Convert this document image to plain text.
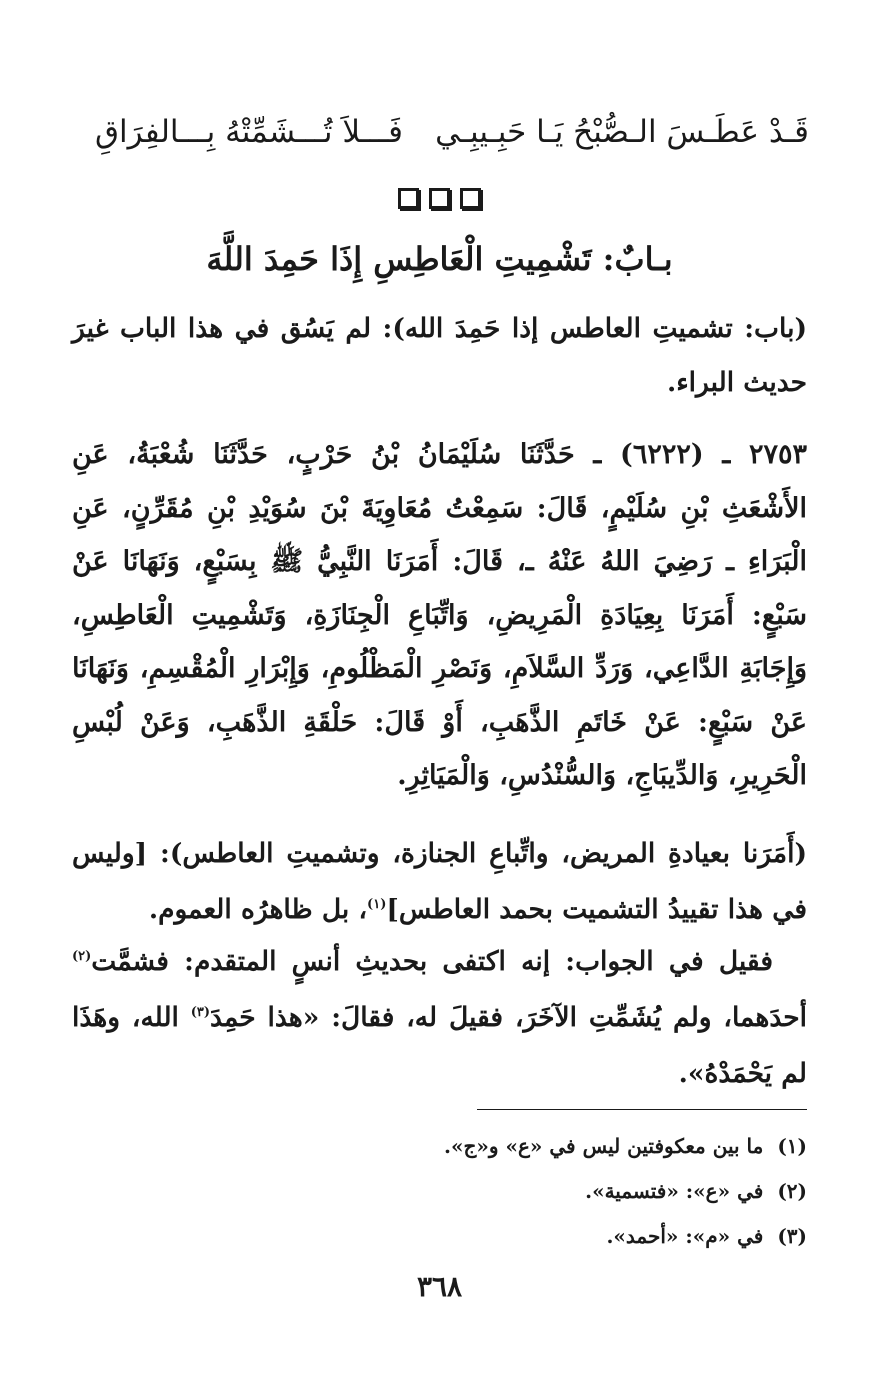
قَـدْ عَطَـسَ الـصُّبْحُ يَـا حَبِـيبِـي
فَـــلاَ تُـــشَمِّتْهُ بِـــالفِرَاقِ
بـابٌ: تَشْمِيتِ الْعَاطِسِ إِذَا حَمِدَ اللَّهَ

(باب: تشميتِ العاطس إذا حَمِدَ الله): لم يَسُق في هذا الباب غيرَ حديث البراء.

٢٧٥٣ ـ (٦٢٢٢) ـ حَدَّثَنَا سُلَيْمَانُ بْنُ حَرْبٍ، حَدَّثَنَا شُعْبَةُ، عَنِ الأَشْعَثِ بْنِ سُلَيْمٍ، قَالَ: سَمِعْتُ مُعَاوِيَةَ بْنَ سُوَيْدِ بْنِ مُقَرِّنٍ، عَنِ الْبَرَاءِ ـ رَضِيَ اللهُ عَنْهُ ـ، قَالَ: أَمَرَنَا النَّبِيُّ ﷺ بِسَبْعٍ، وَنَهَانَا عَنْ سَبْعٍ: أَمَرَنَا بِعِيَادَةِ الْمَرِيضِ، وَاتِّبَاعِ الْجِنَازَةِ، وَتَشْمِيتِ الْعَاطِسِ، وَإِجَابَةِ الدَّاعِي، وَرَدِّ السَّلاَمِ، وَنَصْرِ الْمَظْلُومِ، وَإِبْرَارِ الْمُقْسِمِ، وَنَهَانَا عَنْ سَبْعٍ: عَنْ خَاتَمِ الذَّهَبِ، أَوْ قَالَ: حَلْقَةِ الذَّهَبِ، وَعَنْ لُبْسِ الْحَرِيرِ، وَالدِّيبَاجِ، وَالسُّنْدُسِ، وَالْمَيَاثِرِ.

(أَمَرَنا بعيادةِ المريض، واتِّباعِ الجنازة، وتشميتِ العاطس): [وليس في هذا تقييدُ التشميت بحمد العاطس]$^{(١)}$، بل ظاهرُه العموم.

فقيل في الجواب: إنه اكتفى بحديثِ أنسٍ المتقدم: فشمَّت$^{(٢)}$ أحدَهما، ولم يُشَمِّتِ الآخَرَ، فقيلَ له، فقالَ: «هذا حَمِدَ$^{(٣)}$ الله، وهَذَا لم يَحْمَدْهُ».

(١)ما بين معكوفتين ليس في «ع» و«ج».
(٢)في «ع»: «فتسمية».
(٣)في «م»: «أحمد».
٣٦٨
